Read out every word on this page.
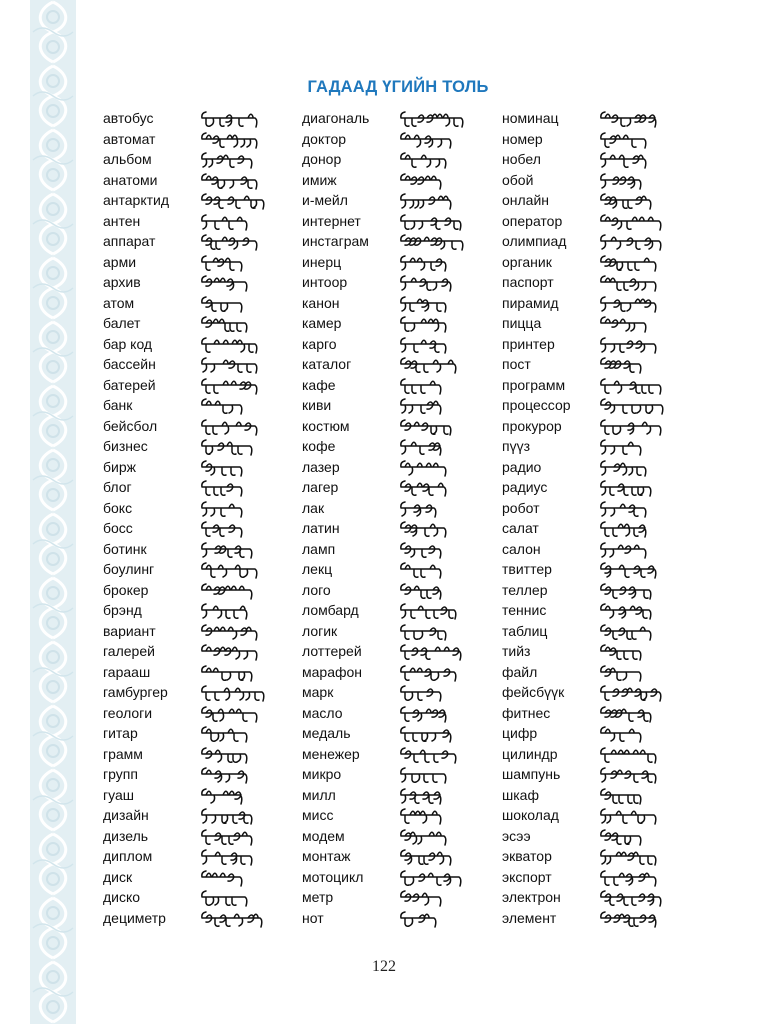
ГАДААД ҮГИЙН ТОЛЬ
автобус
автомат
альбом
анатоми
антарктид
антен
аппарат
арми
архив
атом
балет
бар код
бассейн
батерей
банк
бейсбол
бизнес
бирж
блог
бокс
босс
ботинк
боулинг
брокер
брэнд
вариант
галерей
гарааш
гамбургер
геологи
гитар
грамм
групп
гуаш
дизайн
дизель
диплом
диск
диско
дециметр
диагональ
доктор
донор
имиж
и-мейл
интернет
инстаграм
инерц
интоор
канон
камер
карго
каталог
кафе
киви
костюм
кофе
лазер
лагер
лак
латин
ламп
лекц
лого
ломбард
логик
лоттерей
марафон
марк
масло
медаль
менежер
микро
милл
мисс
модем
монтаж
мотоцикл
метр
нот
номинац
номер
нобел
обой
онлайн
оператор
олимпиад
органик
паспорт
пирамид
пицца
принтер
пост
программ
процессор
прокурор
пүүз
радио
радиус
робот
салат
салон
твиттер
теллер
теннис
таблиц
тийз
файл
фейсбүүк
фитнес
цифр
цилиндр
шампунь
шкаф
шоколад
эсээ
экватор
экспорт
электрон
элемент
122
